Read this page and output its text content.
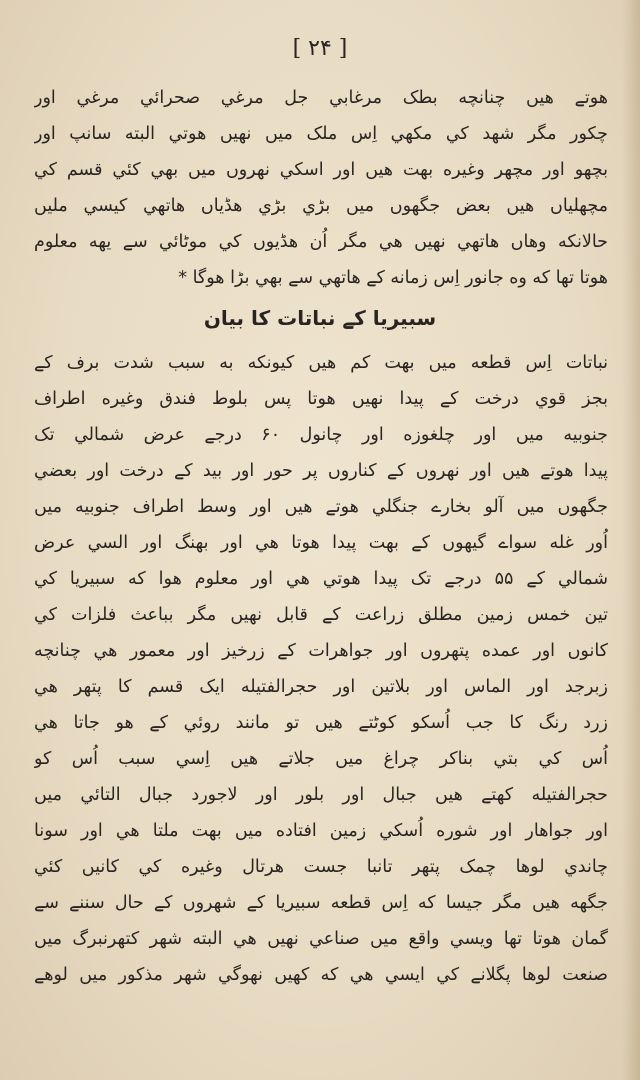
[ ۲۴ ]
هوتے هیں چنانچه بطک مرغابي جل مرغي صحرائي مرغي اور
چکور مگر شهد کي مکهي اِس ملک میں نهیں هوتي البته سانپ اور
بچهو اور مچهر وغیره بهت هیں اور اسکي نهروں میں بهي کئي قسم کي
مچهلیاں هیں بعض جگهوں میں بڑي بڑي هڈیاں هاتهي کیسي ملیں
حالانکه وهاں هاتهي نهیں هي مگر اُن هڈیوں کي موٹائي سے یهه معلوم
هوتا تها که وه جانور اِس زمانه کے هاتهي سے بهي بڑا هوگا *
سبیریا کے نباتات کا بیان
نباتات اِس قطعه میں بهت کم هیں کیونکه به سبب شدت برف کے
بجز قوي درخت کے پیدا نهیں هوتا پس بلوط فندق وغیره اطراف
جنوبیه میں اور چلغوزه اور چانول ۶۰ درجے عرض شمالي تک
پیدا هوتے هیں اور نهروں کے کناروں پر حور اور بید کے درخت اور بعضي
جگهوں میں آلو بخارے جنگلي هوتے هیں اور وسط اطراف جنوبیه میں
اُور غله سواے گیهوں کے بهت پیدا هوتا هي اور بهنگ اور السي عرض
شمالي کے ۵۵ درجے تک پیدا هوتي هي اور معلوم هوا که سبیریا کي
تین خمس زمین مطلق زراعت کے قابل نهیں مگر بباعث فلزات کي
کانوں اور عمده پتهروں اور جواهرات کے زرخیز اور معمور هي چنانچه
زبرجد اور الماس اور بلاتین اور حجرالفتیله ایک قسم کا پتهر هي
زرد رنگ کا جب اُسکو کوٹتے هیں تو مانند روئي کے هو جاتا هي
اُس کي بتي بناکر چراغ میں جلاتے هیں اِسي سبب اُس کو
حجرالفتیله کهتے هیں جبال اور بلور اور لاجورد جبال التائي میں
اور جواهار اور شوره اُسکي زمین افتاده میں بهت ملتا هي اور سونا
چاندي لوها چمک پتهر تانبا جست هرتال وغیره کي کانیں کئي
جگهه هیں مگر جیسا که اِس قطعه سبیریا کے شهروں کے حال سننے سے
گمان هوتا تها ویسي واقع میں صناعي نهیں هي البته شهر کتهرنبرگ میں
صنعت لوها پگلانے کي ایسي هي که کهیں نهوگي شهر مذکور میں لوهے
